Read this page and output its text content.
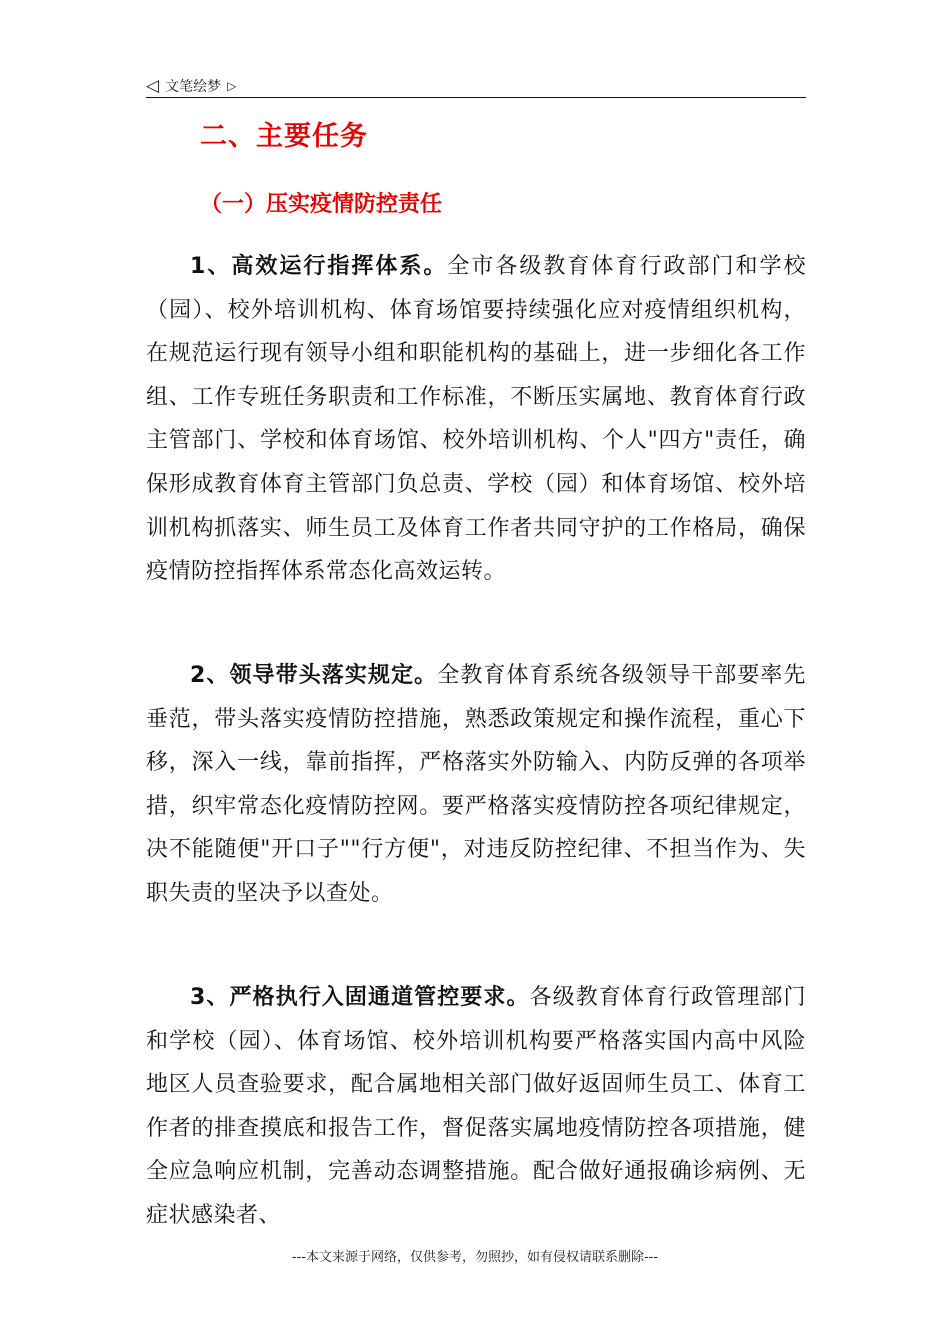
◁ 文笔绘梦 ▷
二、主要任务
（一）压实疫情防控责任

1、高效运行指挥体系。全市各级教育体育行政部门和学校（园）、校外培训机构、体育场馆要持续强化应对疫情组织机构，在规范运行现有领导小组和职能机构的基础上，进一步细化各工作组、工作专班任务职责和工作标准，不断压实属地、教育体育行政主管部门、学校和体育场馆、校外培训机构、个人"四方"责任，确保形成教育体育主管部门负总责、学校（园）和体育场馆、校外培训机构抓落实、师生员工及体育工作者共同守护的工作格局，确保疫情防控指挥体系常态化高效运转。

2、领导带头落实规定。全教育体育系统各级领导干部要率先垂范，带头落实疫情防控措施，熟悉政策规定和操作流程，重心下移，深入一线，靠前指挥，严格落实外防输入、内防反弹的各项举措，织牢常态化疫情防控网。要严格落实疫情防控各项纪律规定，决不能随便"开口子""行方便"，对违反防控纪律、不担当作为、失职失责的坚决予以查处。

3、严格执行入固通道管控要求。各级教育体育行政管理部门和学校（园）、体育场馆、校外培训机构要严格落实国内高中风险地区人员查验要求，配合属地相关部门做好返固师生员工、体育工作者的排查摸底和报告工作，督促落实属地疫情防控各项措施，健全应急响应机制，完善动态调整措施。配合做好通报确诊病例、无症状感染者、

---本文来源于网络，仅供参考，勿照抄，如有侵权请联系删除---
